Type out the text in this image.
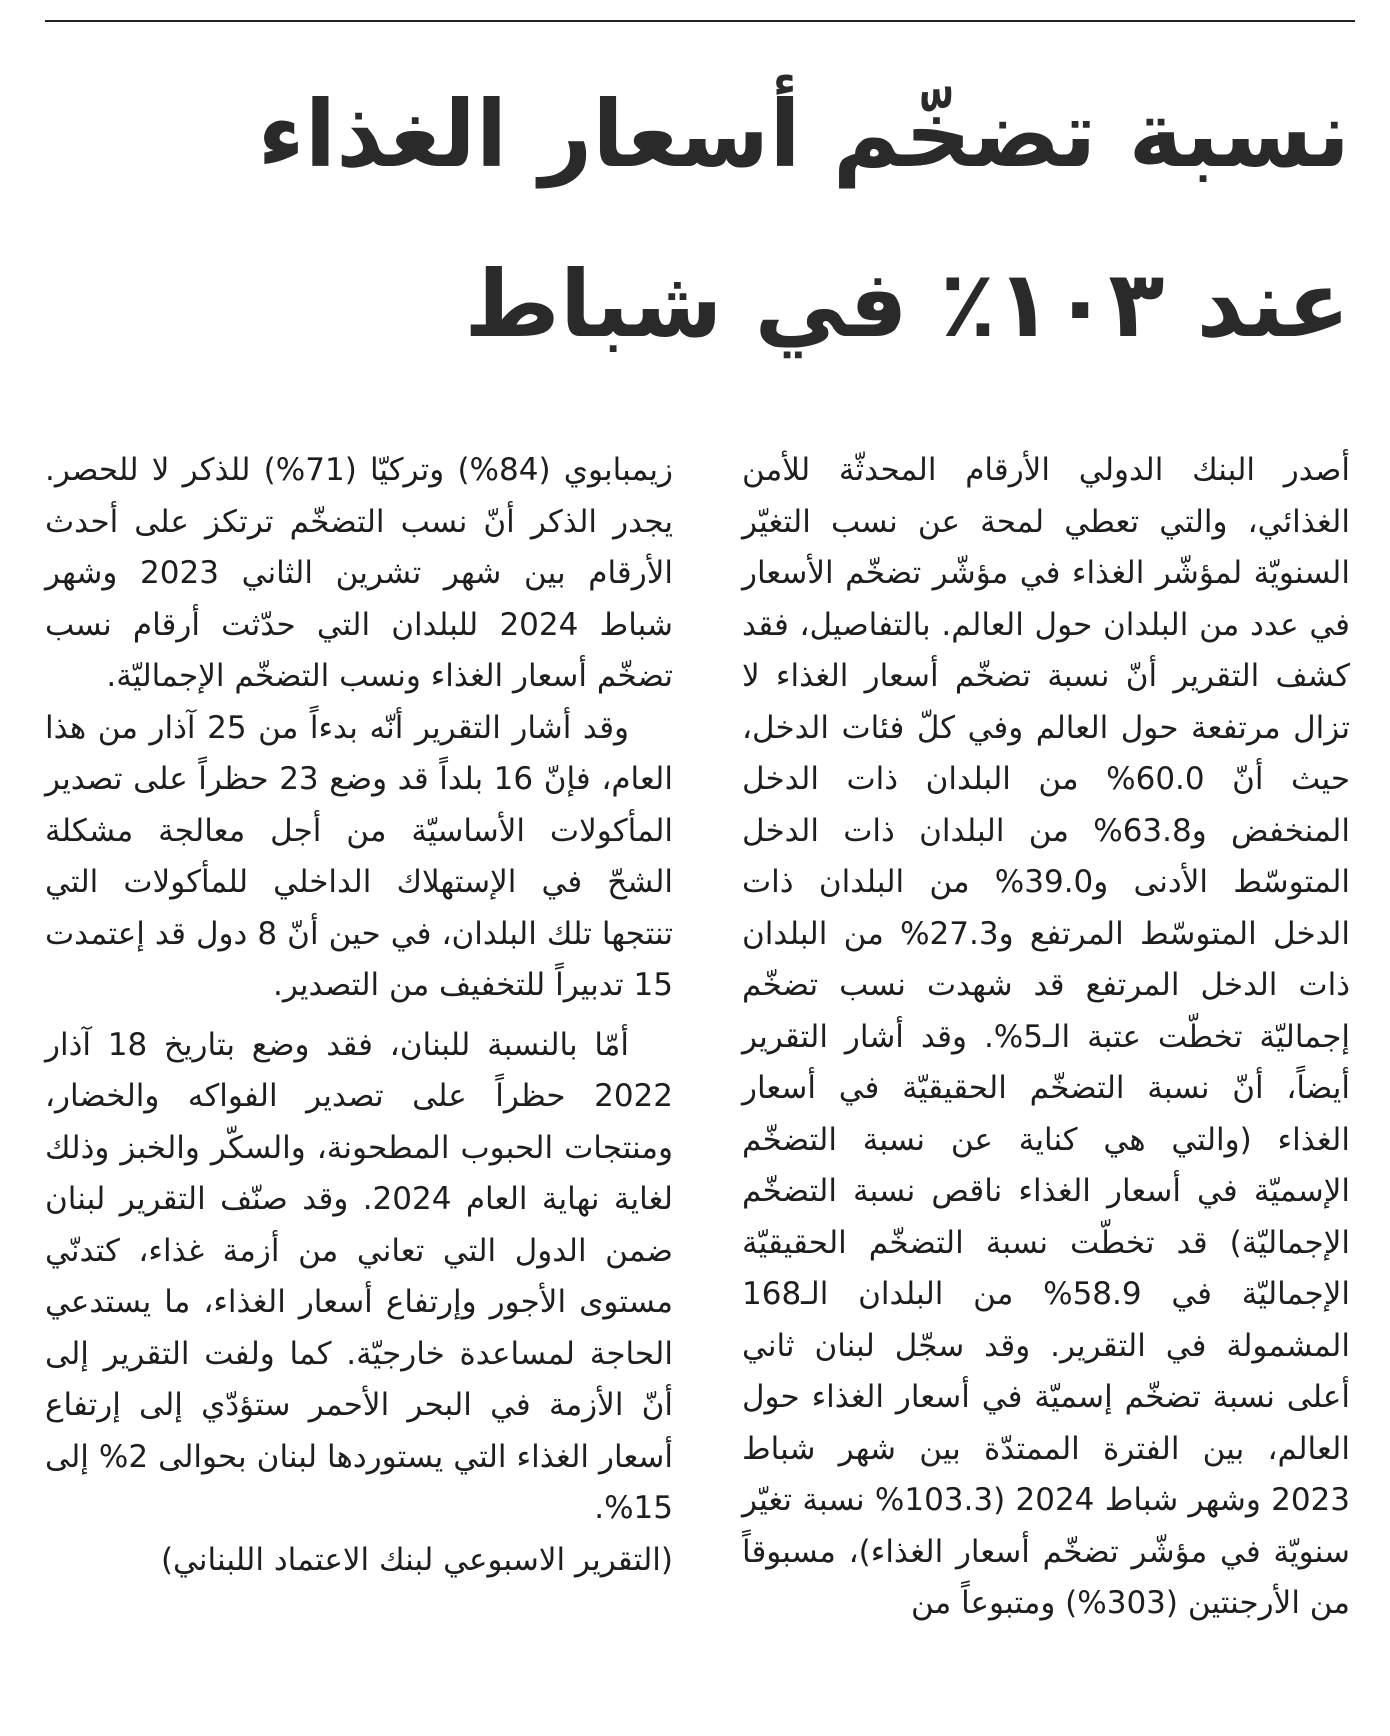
نسبة تضخّم أسعار الغذاء
عند ١٠٣٪ في شباط

أصدر البنك الدولي الأرقام المحدثّة للأمن الغذائي، والتي تعطي لمحة عن نسب التغيّر السنويّة لمؤشّر الغذاء في مؤشّر تضخّم الأسعار في عدد من البلدان حول العالم. بالتفاصيل، فقد كشف التقرير أنّ نسبة تضخّم أسعار الغذاء لا تزال مرتفعة حول العالم وفي كلّ فئات الدخل، حيث أنّ 60.0% من البلدان ذات الدخل المنخفض و63.8% من البلدان ذات الدخل المتوسّط الأدنى و39.0% من البلدان ذات الدخل المتوسّط المرتفع و27.3% من البلدان ذات الدخل المرتفع قد شهدت نسب تضخّم إجماليّة تخطّت عتبة الـ5%. وقد أشار التقرير أيضاً، أنّ نسبة التضخّم الحقيقيّة في أسعار الغذاء (والتي هي كناية عن نسبة التضخّم الإسميّة في أسعار الغذاء ناقص نسبة التضخّم الإجماليّة) قد تخطّت نسبة التضخّم الحقيقيّة الإجماليّة في 58.9% من البلدان الـ168 المشمولة في التقرير. وقد سجّل لبنان ثاني أعلى نسبة تضخّم إسميّة في أسعار الغذاء حول العالم، بين الفترة الممتدّة بين شهر شباط 2023 وشهر شباط 2024 (103.3% نسبة تغيّر سنويّة في مؤشّر تضخّم أسعار الغذاء)، مسبوقاً من الأرجنتين (303%) ومتبوعاً من

زيمبابوي (84%) وتركيّا (71%) للذكر لا للحصر. يجدر الذكر أنّ نسب التضخّم ترتكز على أحدث الأرقام بين شهر تشرين الثاني 2023 وشهر شباط 2024 للبلدان التي حدّثت أرقام نسب تضخّم أسعار الغذاء ونسب التضخّم الإجماليّة.

وقد أشار التقرير أنّه بدءاً من 25 آذار من هذا العام، فإنّ 16 بلداً قد وضع 23 حظراً على تصدير المأكولات الأساسيّة من أجل معالجة مشكلة الشحّ في الإستهلاك الداخلي للمأكولات التي تنتجها تلك البلدان، في حين أنّ 8 دول قد إعتمدت 15 تدبيراً للتخفيف من التصدير.

أمّا بالنسبة للبنان، فقد وضع بتاريخ 18 آذار 2022 حظراً على تصدير الفواكه والخضار، ومنتجات الحبوب المطحونة، والسكّر والخبز وذلك لغاية نهاية العام 2024. وقد صنّف التقرير لبنان ضمن الدول التي تعاني من أزمة غذاء، كتدنّي مستوى الأجور وإرتفاع أسعار الغذاء، ما يستدعي الحاجة لمساعدة خارجيّة. كما ولفت التقرير إلى أنّ الأزمة في البحر الأحمر ستؤدّي إلى إرتفاع أسعار الغذاء التي يستوردها لبنان بحوالى 2% إلى 15%.

(التقرير الاسبوعي لبنك الاعتماد اللبناني)
